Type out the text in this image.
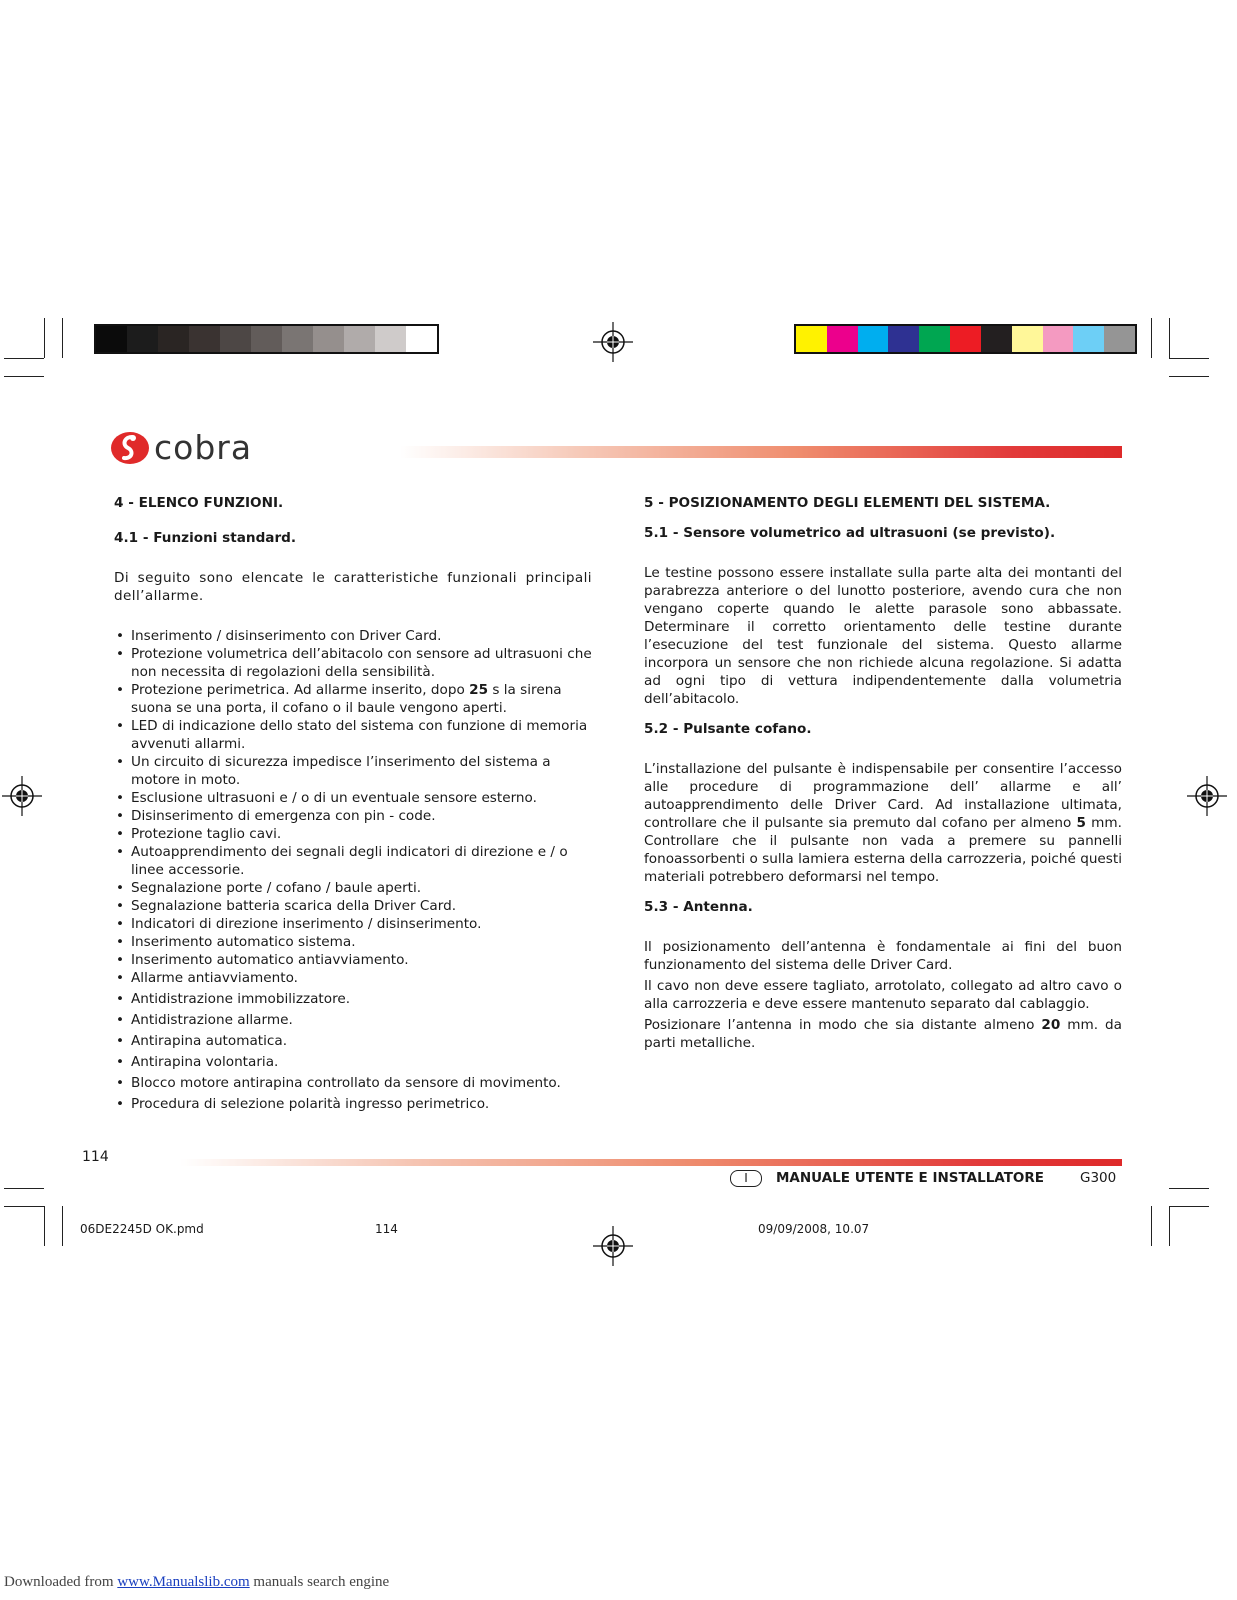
cobra
4 - ELENCO FUNZIONI.
4.1 - Funzioni standard.

Di seguito sono elencate le caratteristiche funzionali principali dell’allarme.

• Inserimento / disinserimento con Driver Card.
• Protezione volumetrica dell’abitacolo con sensore ad ultrasuoni che non necessita di regolazioni della sensibilità.
• Protezione perimetrica. Ad allarme inserito, dopo 25 s la sirena suona se una porta, il cofano o il baule vengono aperti.
• LED di indicazione dello stato del sistema con funzione di memoria avvenuti allarmi.
• Un circuito di sicurezza impedisce l’inserimento del sistema a motore in moto.
• Esclusione ultrasuoni e / o di un eventuale sensore esterno.
• Disinserimento di emergenza con pin - code.
• Protezione taglio cavi.
• Autoapprendimento dei segnali degli indicatori di direzione e / o linee accessorie.
• Segnalazione porte / cofano / baule aperti.
• Segnalazione batteria scarica della Driver Card.
• Indicatori di direzione inserimento / disinserimento.
• Inserimento automatico sistema.
• Inserimento automatico antiavviamento.
• Allarme antiavviamento.
• Antidistrazione immobilizzatore.
• Antidistrazione allarme.
• Antirapina automatica.
• Antirapina volontaria.
• Blocco motore antirapina controllato da sensore di movimento.
• Procedura di selezione polarità ingresso perimetrico.
5 - POSIZIONAMENTO DEGLI ELEMENTI DEL SISTEMA.
5.1 - Sensore volumetrico ad ultrasuoni (se previsto).

Le testine possono essere installate sulla parte alta dei montanti del parabrezza anteriore o del lunotto posteriore, avendo cura che non vengano coperte quando le alette parasole sono abbassate. Determinare il corretto orientamento delle testine durante l’esecuzione del test funzionale del sistema. Questo allarme incorpora un sensore che non richiede alcuna regolazione. Si adatta ad ogni tipo di vettura indipendentemente dalla volumetria dell’abitacolo.

5.2 - Pulsante cofano.

L’installazione del pulsante è indispensabile per consentire l’accesso alle procedure di programmazione dell’ allarme e all’ autoapprendimento delle Driver Card. Ad installazione ultimata, controllare che il pulsante sia premuto dal cofano per almeno 5 mm. Controllare che il pulsante non vada a premere su pannelli fonoassorbenti o sulla lamiera esterna della carrozzeria, poiché questi materiali potrebbero deformarsi nel tempo.

5.3 - Antenna.

Il posizionamento dell’antenna è fondamentale ai fini del buon funzionamento del sistema delle Driver Card.

Il cavo non deve essere tagliato, arrotolato, collegato ad altro cavo o alla carrozzeria e deve essere mantenuto separato dal cablaggio.

Posizionare l’antenna in modo che sia distante almeno 20 mm. da parti metalliche.

114
I	MANUALE UTENTE E INSTALLATORE	G300
06DE2245D OK.pmd	114	09/09/2008, 10.07
Downloaded from www.Manualslib.com manuals search engine
